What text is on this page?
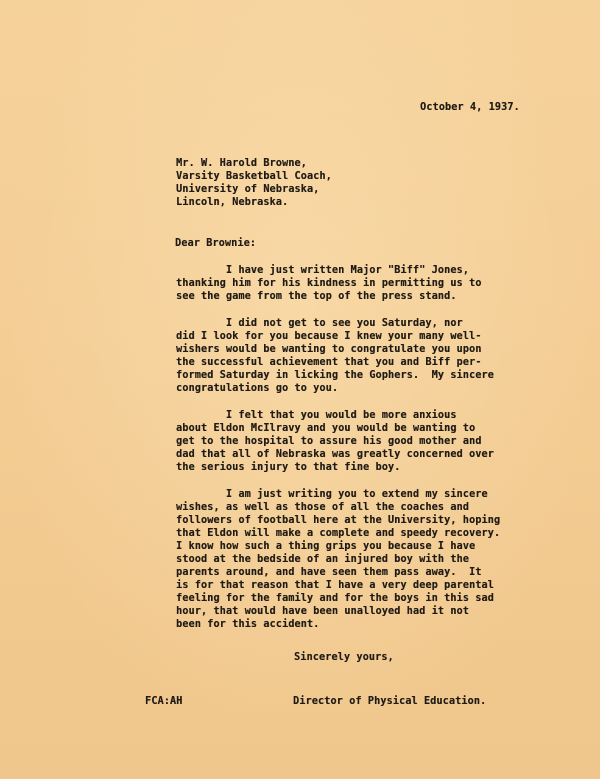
October 4, 1937.
Mr. W. Harold Browne,
Varsity Basketball Coach,
University of Nebraska,
Lincoln, Nebraska.
Dear Brownie:
I have just written Major "Biff" Jones,
thanking him for his kindness in permitting us to
see the game from the top of the press stand.
I did not get to see you Saturday, nor
did I look for you because I knew your many well-
wishers would be wanting to congratulate you upon
the successful achievement that you and Biff per-
formed Saturday in licking the Gophers.  My sincere
congratulations go to you.
I felt that you would be more anxious
about Eldon McIlravy and you would be wanting to
get to the hospital to assure his good mother and
dad that all of Nebraska was greatly concerned over
the serious injury to that fine boy.
I am just writing you to extend my sincere
wishes, as well as those of all the coaches and
followers of football here at the University, hoping
that Eldon will make a complete and speedy recovery.
I know how such a thing grips you because I have
stood at the bedside of an injured boy with the
parents around, and have seen them pass away.  It
is for that reason that I have a very deep parental
feeling for the family and for the boys in this sad
hour, that would have been unalloyed had it not
been for this accident.
Sincerely yours,
FCA:AH	Director of Physical Education.
